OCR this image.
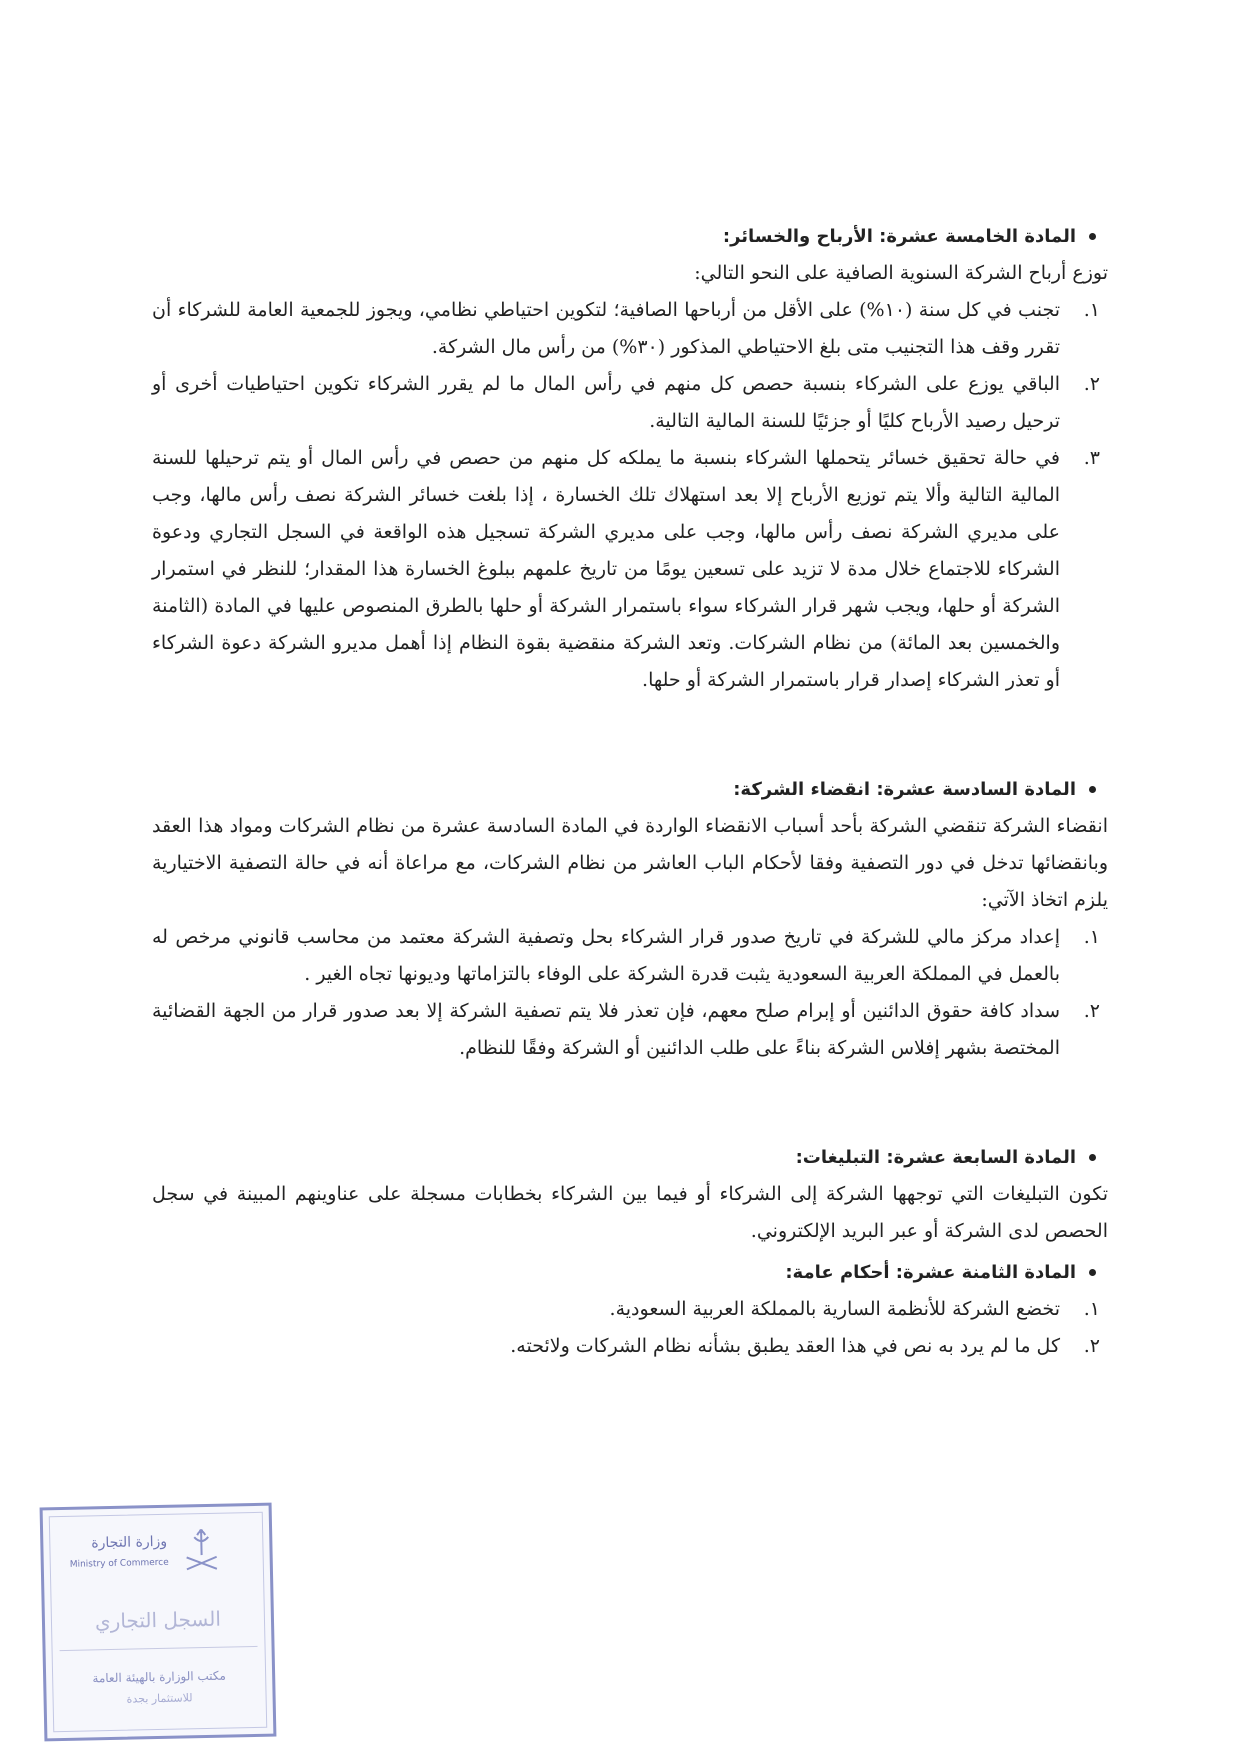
المادة الخامسة عشرة: الأرباح والخسائر:

توزع أرباح الشركة السنوية الصافية على النحو التالي:

١.
تجنب في كل سنة (١٠%) على الأقل من أرباحها الصافية؛ لتكوين احتياطي نظامي، ويجوز للجمعية العامة للشركاء أن تقرر وقف هذا التجنيب متى بلغ الاحتياطي المذكور (٣٠%) من رأس مال الشركة.
٢.
الباقي يوزع على الشركاء بنسبة حصص كل منهم في رأس المال ما لم يقرر الشركاء تكوين احتياطيات أخرى أو ترحيل رصيد الأرباح كليًا أو جزئيًا للسنة المالية التالية.
٣.
في حالة تحقيق خسائر يتحملها الشركاء بنسبة ما يملكه كل منهم من حصص في رأس المال أو يتم ترحيلها للسنة المالية التالية وألا يتم توزيع الأرباح إلا بعد استهلاك تلك الخسارة ، إذا بلغت خسائر الشركة نصف رأس مالها، وجب على مديري الشركة نصف رأس مالها، وجب على مديري الشركة تسجيل هذه الواقعة في السجل التجاري ودعوة الشركاء للاجتماع خلال مدة لا تزيد على تسعين يومًا من تاريخ علمهم ببلوغ الخسارة هذا المقدار؛ للنظر في استمرار الشركة أو حلها، ويجب شهر قرار الشركاء سواء باستمرار الشركة أو حلها بالطرق المنصوص عليها في المادة (الثامنة والخمسين بعد المائة) من نظام الشركات. وتعد الشركة منقضية بقوة النظام إذا أهمل مديرو الشركة دعوة الشركاء أو تعذر الشركاء إصدار قرار باستمرار الشركة أو حلها.

المادة السادسة عشرة: انقضاء الشركة:

انقضاء الشركة تنقضي الشركة بأحد أسباب الانقضاء الواردة في المادة السادسة عشرة من نظام الشركات ومواد هذا العقد وبانقضائها تدخل في دور التصفية وفقا لأحكام الباب العاشر من نظام الشركات، مع مراعاة أنه في حالة التصفية الاختيارية يلزم اتخاذ الآتي:

١.
إعداد مركز مالي للشركة في تاريخ صدور قرار الشركاء بحل وتصفية الشركة معتمد من محاسب قانوني مرخص له بالعمل في المملكة العربية السعودية يثبت قدرة الشركة على الوفاء بالتزاماتها وديونها تجاه الغير .
٢.
سداد كافة حقوق الدائنين أو إبرام صلح معهم، فإن تعذر فلا يتم تصفية الشركة إلا بعد صدور قرار من الجهة القضائية المختصة بشهر إفلاس الشركة بناءً على طلب الدائنين أو الشركة وفقًا للنظام.

المادة السابعة عشرة: التبليغات:

تكون التبليغات التي توجهها الشركة إلى الشركاء أو فيما بين الشركاء بخطابات مسجلة على عناوينهم المبينة في سجل الحصص لدى الشركة أو عبر البريد الإلكتروني.

المادة الثامنة عشرة: أحكام عامة:

١.
تخضع الشركة للأنظمة السارية بالمملكة العربية السعودية.
٢.
كل ما لم يرد به نص في هذا العقد يطبق بشأنه نظام الشركات ولائحته.
وزارة التجارة
Ministry of Commerce
السجل التجاري
مكتب الوزارة بالهيئة العامة
للاستثمار بجدة
